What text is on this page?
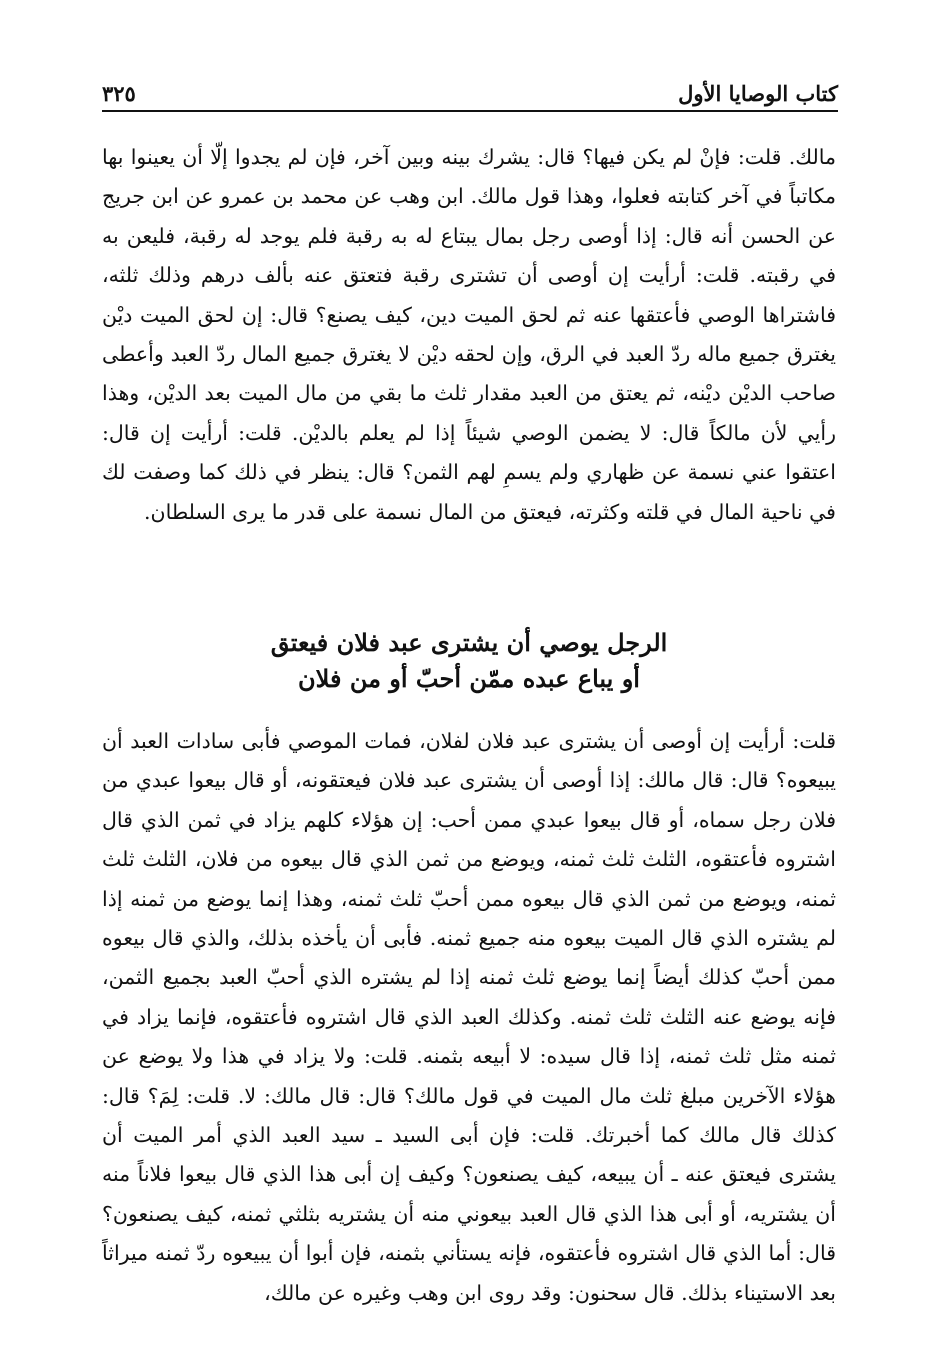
كتاب الوصايا الأول
٣٢٥

مالك. قلت: فإنْ لم يكن فيها؟ قال: يشرك بينه وبين آخر، فإن لم يجدوا إلّا أن يعينوا بها مكاتباً في آخر كتابته فعلوا، وهذا قول مالك. ابن وهب عن محمد بن عمرو عن ابن جريج عن الحسن أنه قال: إذا أوصى رجل بمال يبتاع له به رقبة فلم يوجد له رقبة، فليعن به في رقبته. قلت: أرأيت إن أوصى أن تشترى رقبة فتعتق عنه بألف درهم وذلك ثلثه، فاشتراها الوصي فأعتقها عنه ثم لحق الميت دين، كيف يصنع؟ قال: إن لحق الميت ديْن يغترق جميع ماله ردّ العبد في الرق، وإن لحقه ديْن لا يغترق جميع المال ردّ العبد وأعطى صاحب الديْن ديْنه، ثم يعتق من العبد مقدار ثلث ما بقي من مال الميت بعد الديْن، وهذا رأيي لأن مالكاً قال: لا يضمن الوصي شيئاً إذا لم يعلم بالديْن. قلت: أرأيت إن قال: اعتقوا عني نسمة عن ظهاري ولم يسمِ لهم الثمن؟ قال: ينظر في ذلك كما وصفت لك في ناحية المال في قلته وكثرته، فيعتق من المال نسمة على قدر ما يرى السلطان.

الرجل يوصي أن يشترى عبد فلان فيعتق
أو يباع عبده ممّن أحبّ أو من فلان

قلت: أرأيت إن أوصى أن يشترى عبد فلان لفلان، فمات الموصي فأبى سادات العبد أن يبيعوه؟ قال: قال مالك: إذا أوصى أن يشترى عبد فلان فيعتقونه، أو قال بيعوا عبدي من فلان رجل سماه، أو قال بيعوا عبدي ممن أحب: إن هؤلاء كلهم يزاد في ثمن الذي قال اشتروه فأعتقوه، الثلث ثلث ثمنه، ويوضع من ثمن الذي قال بيعوه من فلان، الثلث ثلث ثمنه، ويوضع من ثمن الذي قال بيعوه ممن أحبّ ثلث ثمنه، وهذا إنما يوضع من ثمنه إذا لم يشتره الذي قال الميت بيعوه منه جميع ثمنه. فأبى أن يأخذه بذلك، والذي قال بيعوه ممن أحبّ كذلك أيضاً إنما يوضع ثلث ثمنه إذا لم يشتره الذي أحبّ العبد بجميع الثمن، فإنه يوضع عنه الثلث ثلث ثمنه. وكذلك العبد الذي قال اشتروه فأعتقوه، فإنما يزاد في ثمنه مثل ثلث ثمنه، إذا قال سيده: لا أبيعه بثمنه. قلت: ولا يزاد في هذا ولا يوضع عن هؤلاء الآخرين مبلغ ثلث مال الميت في قول مالك؟ قال: قال مالك: لا. قلت: لِمَ؟ قال: كذلك قال مالك كما أخبرتك. قلت: فإن أبى السيد ـ سيد العبد الذي أمر الميت أن يشترى فيعتق عنه ـ أن يبيعه، كيف يصنعون؟ وكيف إن أبى هذا الذي قال بيعوا فلاناً منه أن يشتريه، أو أبى هذا الذي قال العبد بيعوني منه أن يشتريه بثلثي ثمنه، كيف يصنعون؟ قال: أما الذي قال اشتروه فأعتقوه، فإنه يستأني بثمنه، فإن أبوا أن يبيعوه ردّ ثمنه ميراثاً بعد الاستيناء بذلك. قال سحنون: وقد روى ابن وهب وغيره عن مالك،
